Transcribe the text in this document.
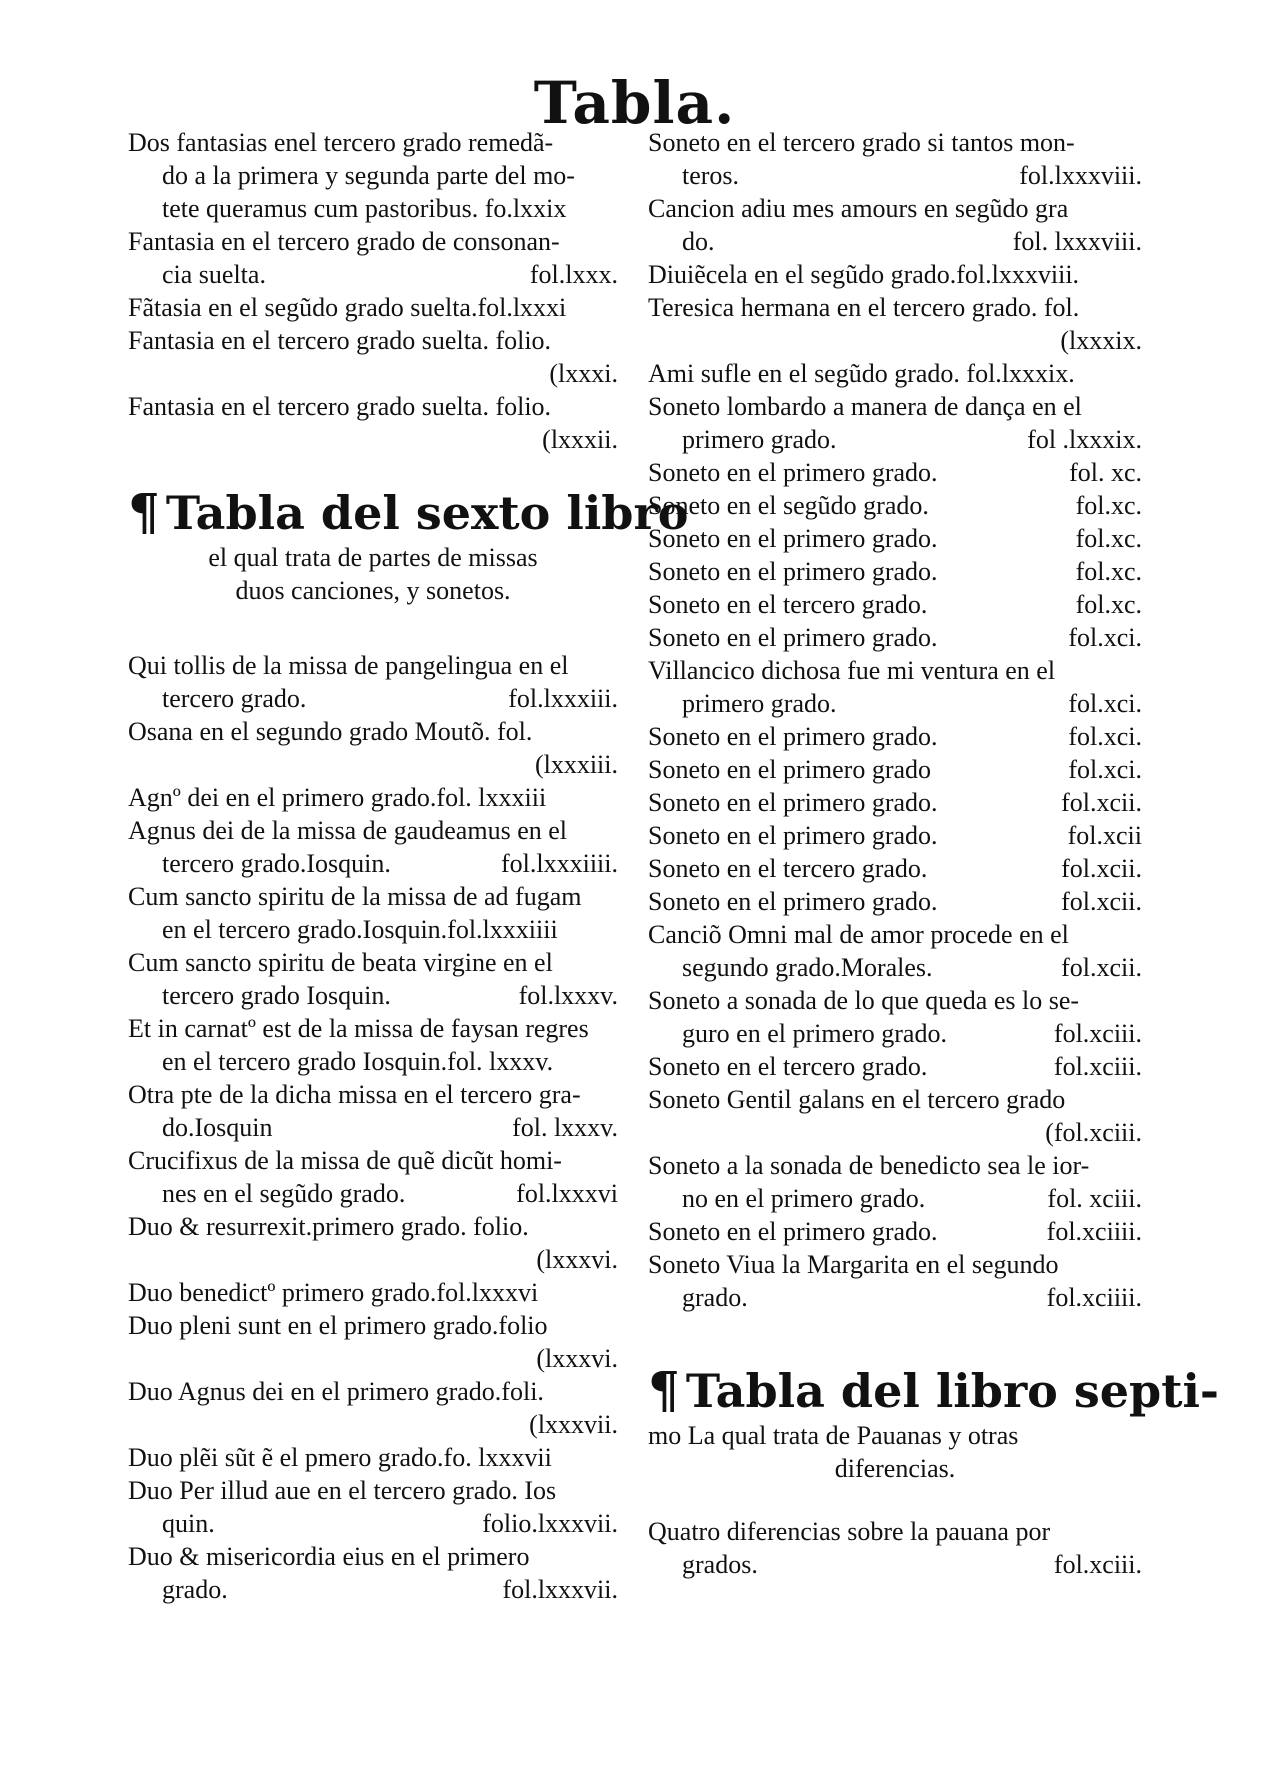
Tabla.
Dos fantasias enel tercero grado remedã-
do a la primera y segunda parte del mo-
tete queramus cum pastoribus. fo.lxxix
Fantasia en el tercero grado de consonan-
cia suelta.	fol.lxxx.
Fãtasia en el segũdo grado suelta.fol.lxxxi
Fantasia en el tercero grado suelta. folio.
(lxxxi.
Fantasia en el tercero grado suelta. folio.
(lxxxii.
¶ Tabla del sexto libro
el qual trata de partes de missas
duos canciones, y sonetos.
Qui tollis de la missa de pangelingua en el
tercero grado.	fol.lxxxiii.
Osana en el segundo grado Moutõ. fol.
(lxxxiii.
Agnº dei en el primero grado.fol. lxxxiii
Agnus dei de la missa de gaudeamus en el
tercero grado.Iosquin.	fol.lxxxiiii.
Cum sancto spiritu de la missa de ad fugam
en el tercero grado.Iosquin.fol.lxxxiiii
Cum sancto spiritu de beata virgine en el
tercero grado Iosquin.	fol.lxxxv.
Et in carnatº est de la missa de faysan regres
en el tercero grado Iosquin.fol. lxxxv.
Otra pte de la dicha missa en el tercero gra-
do.Iosquin	fol. lxxxv.
Crucifixus de la missa de quẽ dicũt homi-
nes en el segũdo grado.	fol.lxxxvi
Duo & resurrexit.primero grado. folio.
(lxxxvi.
Duo benedictº primero grado.fol.lxxxvi
Duo pleni sunt en el primero grado.folio
(lxxxvi.
Duo Agnus dei en el primero grado.foli.
(lxxxvii.
Duo plẽi sũt ẽ el pmero grado.fo. lxxxvii
Duo Per illud aue en el tercero grado. Ios
quin.	folio.lxxxvii.
Duo & misericordia eius en el primero
grado.	fol.lxxxvii.
Soneto en el tercero grado si tantos mon-
teros.	fol.lxxxviii.
Cancion adiu mes amours en segũdo gra
do.	fol. lxxxviii.
Diuiẽcela en el segũdo grado.fol.lxxxviii.
Teresica hermana en el tercero grado. fol.
(lxxxix.
Ami sufle en el segũdo grado. fol.lxxxix.
Soneto lombardo a manera de dança en el
primero grado.	fol .lxxxix.
Soneto en el primero grado.	fol. xc.
Soneto en el segũdo grado.	fol.xc.
Soneto en el primero grado.	fol.xc.
Soneto en el primero grado.	fol.xc.
Soneto en el tercero grado.	fol.xc.
Soneto en el primero grado.	fol.xci.
Villancico dichosa fue mi ventura en el
primero grado.	fol.xci.
Soneto en el primero grado.	fol.xci.
Soneto en el primero grado	fol.xci.
Soneto en el primero grado.	fol.xcii.
Soneto en el primero grado.	fol.xcii
Soneto en el tercero grado.	fol.xcii.
Soneto en el primero grado.	fol.xcii.
Canciõ Omni mal de amor procede en el
segundo grado.Morales.	fol.xcii.
Soneto a sonada de lo que queda es lo se-
guro en el primero grado.	fol.xciii.
Soneto en el tercero grado.	fol.xciii.
Soneto Gentil galans en el tercero grado
(fol.xciii.
Soneto a la sonada de benedicto sea le ior-
no en el primero grado.	fol. xciii.
Soneto en el primero grado.	fol.xciiii.
Soneto Viua la Margarita en el segundo
grado.	fol.xciiii.
¶ Tabla del libro septi-
mo La qual trata de Pauanas y otras
diferencias.
Quatro diferencias sobre la pauana por
grados.	fol.xciii.
